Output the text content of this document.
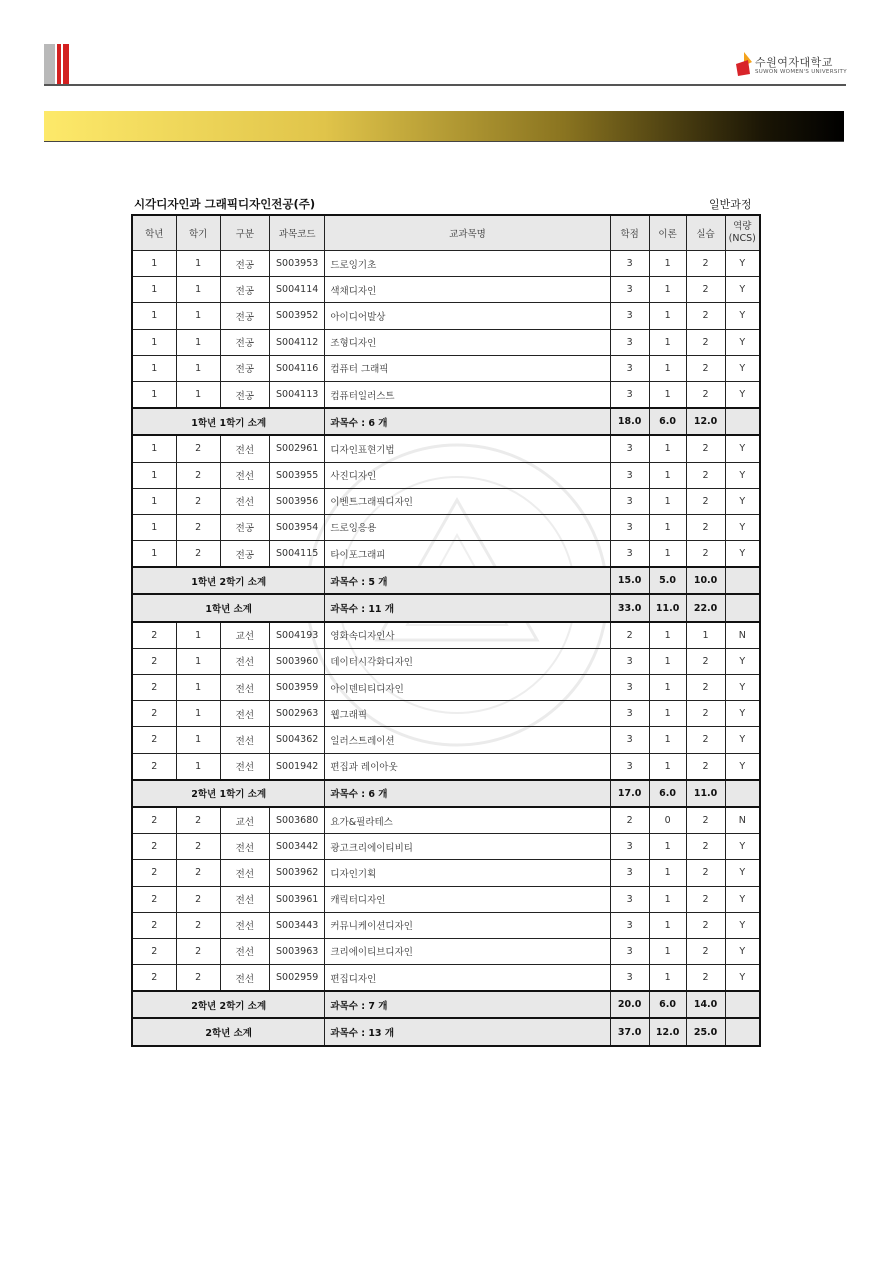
수원여자대학교
SUWON WOMEN'S UNIVERSITY
시각디자인과 그래픽디자인전공(주)	일반과정
학년	학기	구분	과목코드	교과목명	학점	이론	실습	역량 (NCS)
1	1	전공	S003953	드로잉기초	3	1	2	Y
1	1	전공	S004114	색채디자인	3	1	2	Y
1	1	전공	S003952	아이디어발상	3	1	2	Y
1	1	전공	S004112	조형디자인	3	1	2	Y
1	1	전공	S004116	컴퓨터 그래픽	3	1	2	Y
1	1	전공	S004113	컴퓨터일러스트	3	1	2	Y
1학년 1학기 소계				과목수 : 6 개	18.0	6.0	12.0	
1	2	전선	S002961	디자인표현기법	3	1	2	Y
1	2	전선	S003955	사진디자인	3	1	2	Y
1	2	전선	S003956	이벤트그래픽디자인	3	1	2	Y
1	2	전공	S003954	드로잉응용	3	1	2	Y
1	2	전공	S004115	타이포그래피	3	1	2	Y
1학년 2학기 소계				과목수 : 5 개	15.0	5.0	10.0	
1학년 소계				과목수 : 11 개	33.0	11.0	22.0	
2	1	교선	S004193	영화속디자인사	2	1	1	N
2	1	전선	S003960	데이터시각화디자인	3	1	2	Y
2	1	전선	S003959	아이덴티티디자인	3	1	2	Y
2	1	전선	S002963	웹그래픽	3	1	2	Y
2	1	전선	S004362	일러스트레이션	3	1	2	Y
2	1	전선	S001942	편집과 레이아웃	3	1	2	Y
2학년 1학기 소계				과목수 : 6 개	17.0	6.0	11.0	
2	2	교선	S003680	요가&필라테스	2	0	2	N
2	2	전선	S003442	광고크리에이티비티	3	1	2	Y
2	2	전선	S003962	디자인기획	3	1	2	Y
2	2	전선	S003961	캐릭터디자인	3	1	2	Y
2	2	전선	S003443	커뮤니케이션디자인	3	1	2	Y
2	2	전선	S003963	크리에이티브디자인	3	1	2	Y
2	2	전선	S002959	편집디자인	3	1	2	Y
2학년 2학기 소계				과목수 : 7 개	20.0	6.0	14.0	
2학년 소계				과목수 : 13 개	37.0	12.0	25.0	
